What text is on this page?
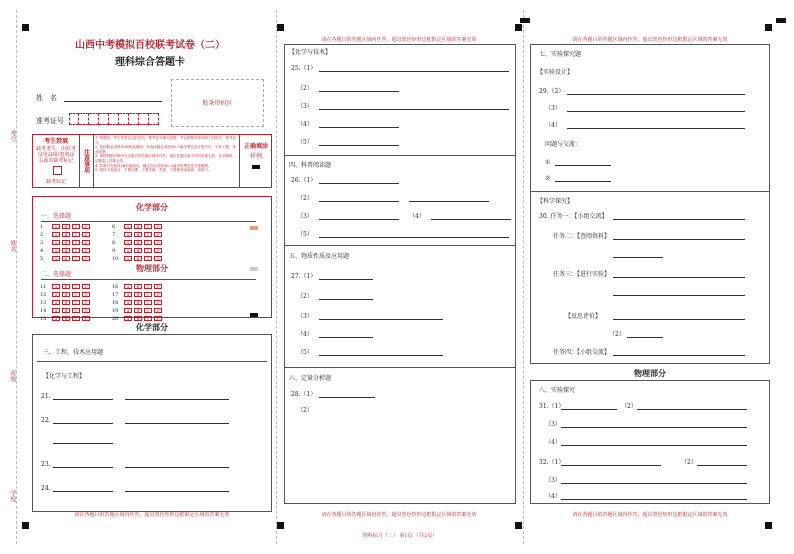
考号
姓名
班级
学校
山西中考模拟百校联考试卷（二）
理科综合答题卡
姓　名
准考证号
贴条形码区
考生禁填
缺考考生，由监考员用2B铅笔填涂右面的缺考标记
缺考标记
注意事项
1. 答题前，考生先将自己的姓名、准考证号填写清楚，并认真核对条形码上的姓名、准考证号。
2. 选择题必须使用2B铅笔填涂；非选择题必须使用0.5毫米黑色签字笔书写，字体工整、笔迹清楚。
3. 请按照题号顺序在各题目的答题区域内作答，超出答题区域书写的答案无效；在草稿纸、试题卷上答题无效。
4. 作图可先使用2B铅笔画出，确定后必须使用0.5毫米的黑色签字笔描黑。
5. 保持卡面清洁，不要折叠、不要弄破、弄皱，不准使用涂改液、刮纸刀。
正确填涂
样例
化学部分
一、选择题
物理部分
二、选择题
1	A	B	C	D
2	A	B	C	D
3	A	B	C	D
4	A	B	C	D
5	A	B	C	D
6	A	B	C	D
7	A	B	C	D
8	A	B	C	D
9	A	B	C	D
10	A	B	C	D
11	A	B	C	D
12	A	B	C	D
13	A	B	C	D
14	A	B	C	D
15	A	B	C	D
16	A	B	C	D
17	A	B	C	D
18	A	B	C	D
19	A	B	C	D
20	A	B	C	D
化学部分
三、工程、技术应用题
【化学与工程】
21.
22.
23.
24.
请在各题目的答题区域内作答，超出黑色矩形边框限定区域的答案无效
【化学与技术】
25.（1）
（2）
（3）
（4）
（5）
四、科普阅读题
26.（1）
（2）
（3）	（4）
（5）
五、物质性质及应用题
27.（1）
（2）
（3）
（4）
（5）
六、定量分析题
28.（1）
（2）
请在各题目的答题区域内作答，超出黑色矩形边框限定区域的答案无效
请在各题目的答题区域内作答，超出黑色矩形边框限定区域的答案无效
七、实验探究题
【实验设计】
29.（2）
（3）
（4）
问题与交流：
①
②
【科学探究】
30. 任务一：【小组交流】
任务二：【查阅资料】
任务三：【进行实验】
【反思评价】
（2）
任务四：【小组交流】
物理部分
八、实验探究
31.（1）	（2）
（3）
（4）
32.（1）	（2）
（3）
（4）
请在各题目的答题区域内作答，超出黑色矩形边框限定区域的答案无效
请在各题目的答题区域内作答，超出黑色矩形边框限定区域的答案无效
理科综合（二） 第1页 （共2页）
